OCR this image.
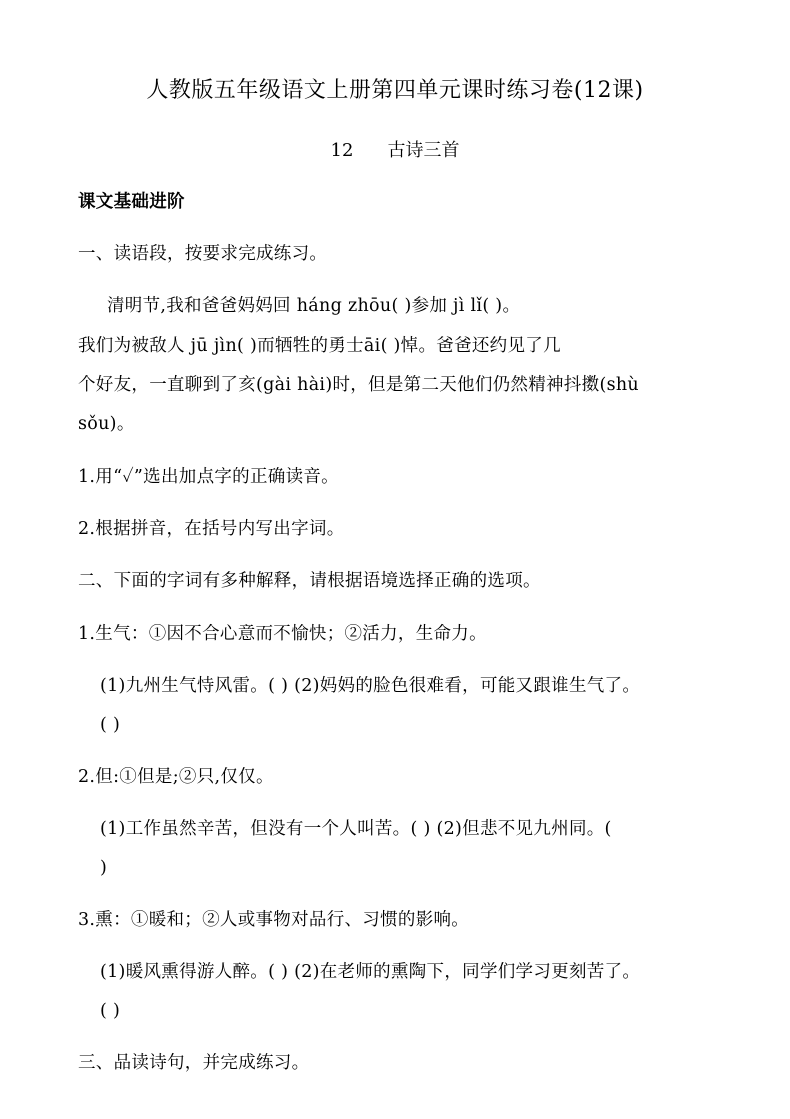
人教版五年级语文上册第四单元课时练习卷(12课)
12 古诗三首
课文基础进阶
一、读语段，按要求完成练习。
清明节,我和爸爸妈妈回 háng zhōu( )参加 jì lǐ( )。
我们为被敌人 jū jìn( )而牺牲的勇士āi( )悼。爸爸还约见了几
个好友，一直聊到了亥(gài hài)时，但是第二天他们仍然精神抖擞(shù
sǒu)。
1.用“✓”选出加点字的正确读音。
2.根据拼音，在括号内写出字词。
二、下面的字词有多种解释，请根据语境选择正确的选项。
1.生气：①因不合心意而不愉快；②活力，生命力。
(1)九州生气恃风雷。( ) (2)妈妈的脸色很难看，可能又跟谁生气了。
( )
2.但:①但是;②只,仅仅。
(1)工作虽然辛苦，但没有一个人叫苦。( ) (2)但悲不见九州同。(
)
3.熏：①暖和；②人或事物对品行、习惯的影响。
(1)暖风熏得游人醉。( ) (2)在老师的熏陶下，同学们学习更刻苦了。
( )
三、品读诗句，并完成练习。
